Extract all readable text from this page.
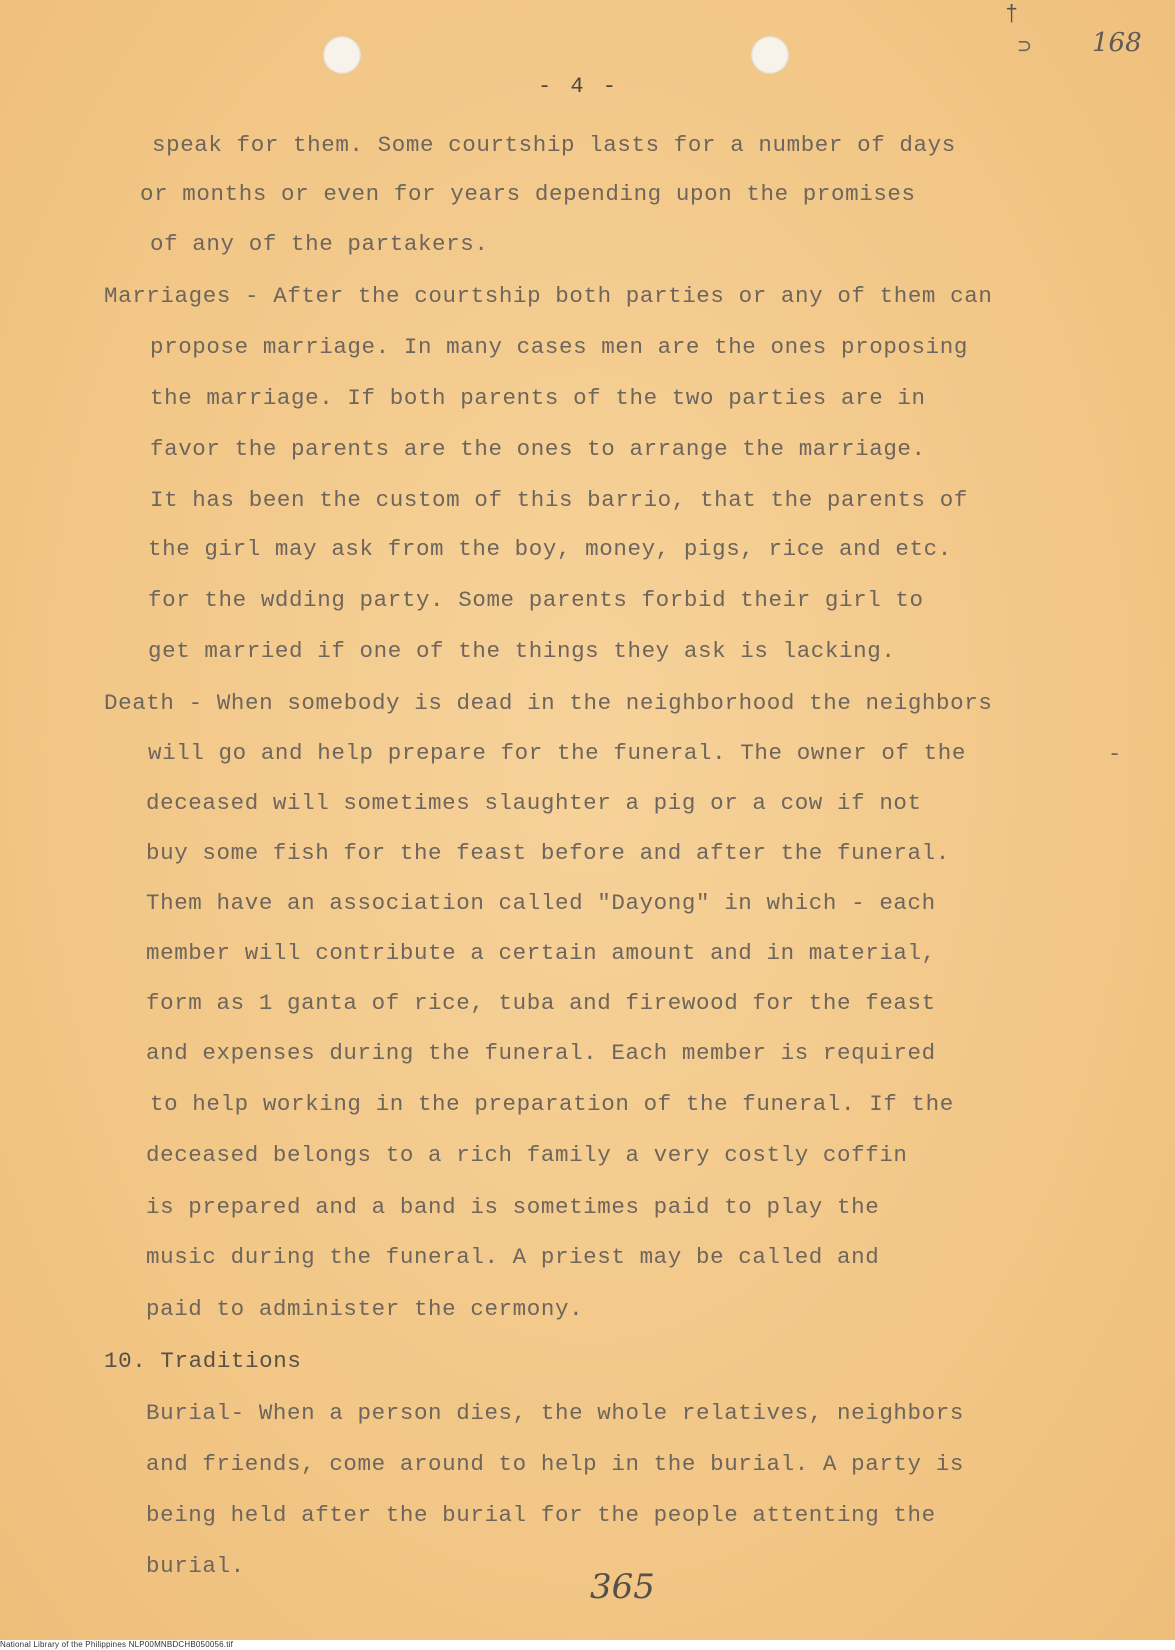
†
⊃ 168
- 4 -
speak for them. Some courtship lasts for a number of days
or months or even for years depending upon the promises
of any of the partakers.
Marriages - After the courtship both parties or any of them can
propose marriage. In many cases men are the ones proposing
the marriage. If both parents of the two parties are in
favor the parents are the ones to arrange the marriage.
It has been the custom of this barrio, that the parents of
the girl may ask from the boy, money, pigs, rice and etc.
for the wdding party. Some parents forbid their girl to
get married if one of the things they ask is lacking.
Death - When somebody is dead in the neighborhood the neighbors
will go and help prepare for the funeral. The owner of the
deceased will sometimes slaughter a pig or a cow if not
buy some fish for the feast before and after the funeral.
Them have an association called "Dayong" in which - each
member will contribute a certain amount and in material,
form as 1 ganta of rice, tuba and firewood for the feast
and expenses during the funeral. Each member is required
to help working in the preparation of the funeral. If the
deceased belongs to a rich family a very costly coffin
is prepared and a band is sometimes paid to play the
music during the funeral. A priest may be called and
paid to administer the cermony.
10. Traditions
Burial- When a person dies, the whole relatives, neighbors
and friends, come around to help in the burial. A party is
being held after the burial for the people attenting the
burial.
-
365
National Library of the Philippines NLP00MNBDCHB050056.tif
